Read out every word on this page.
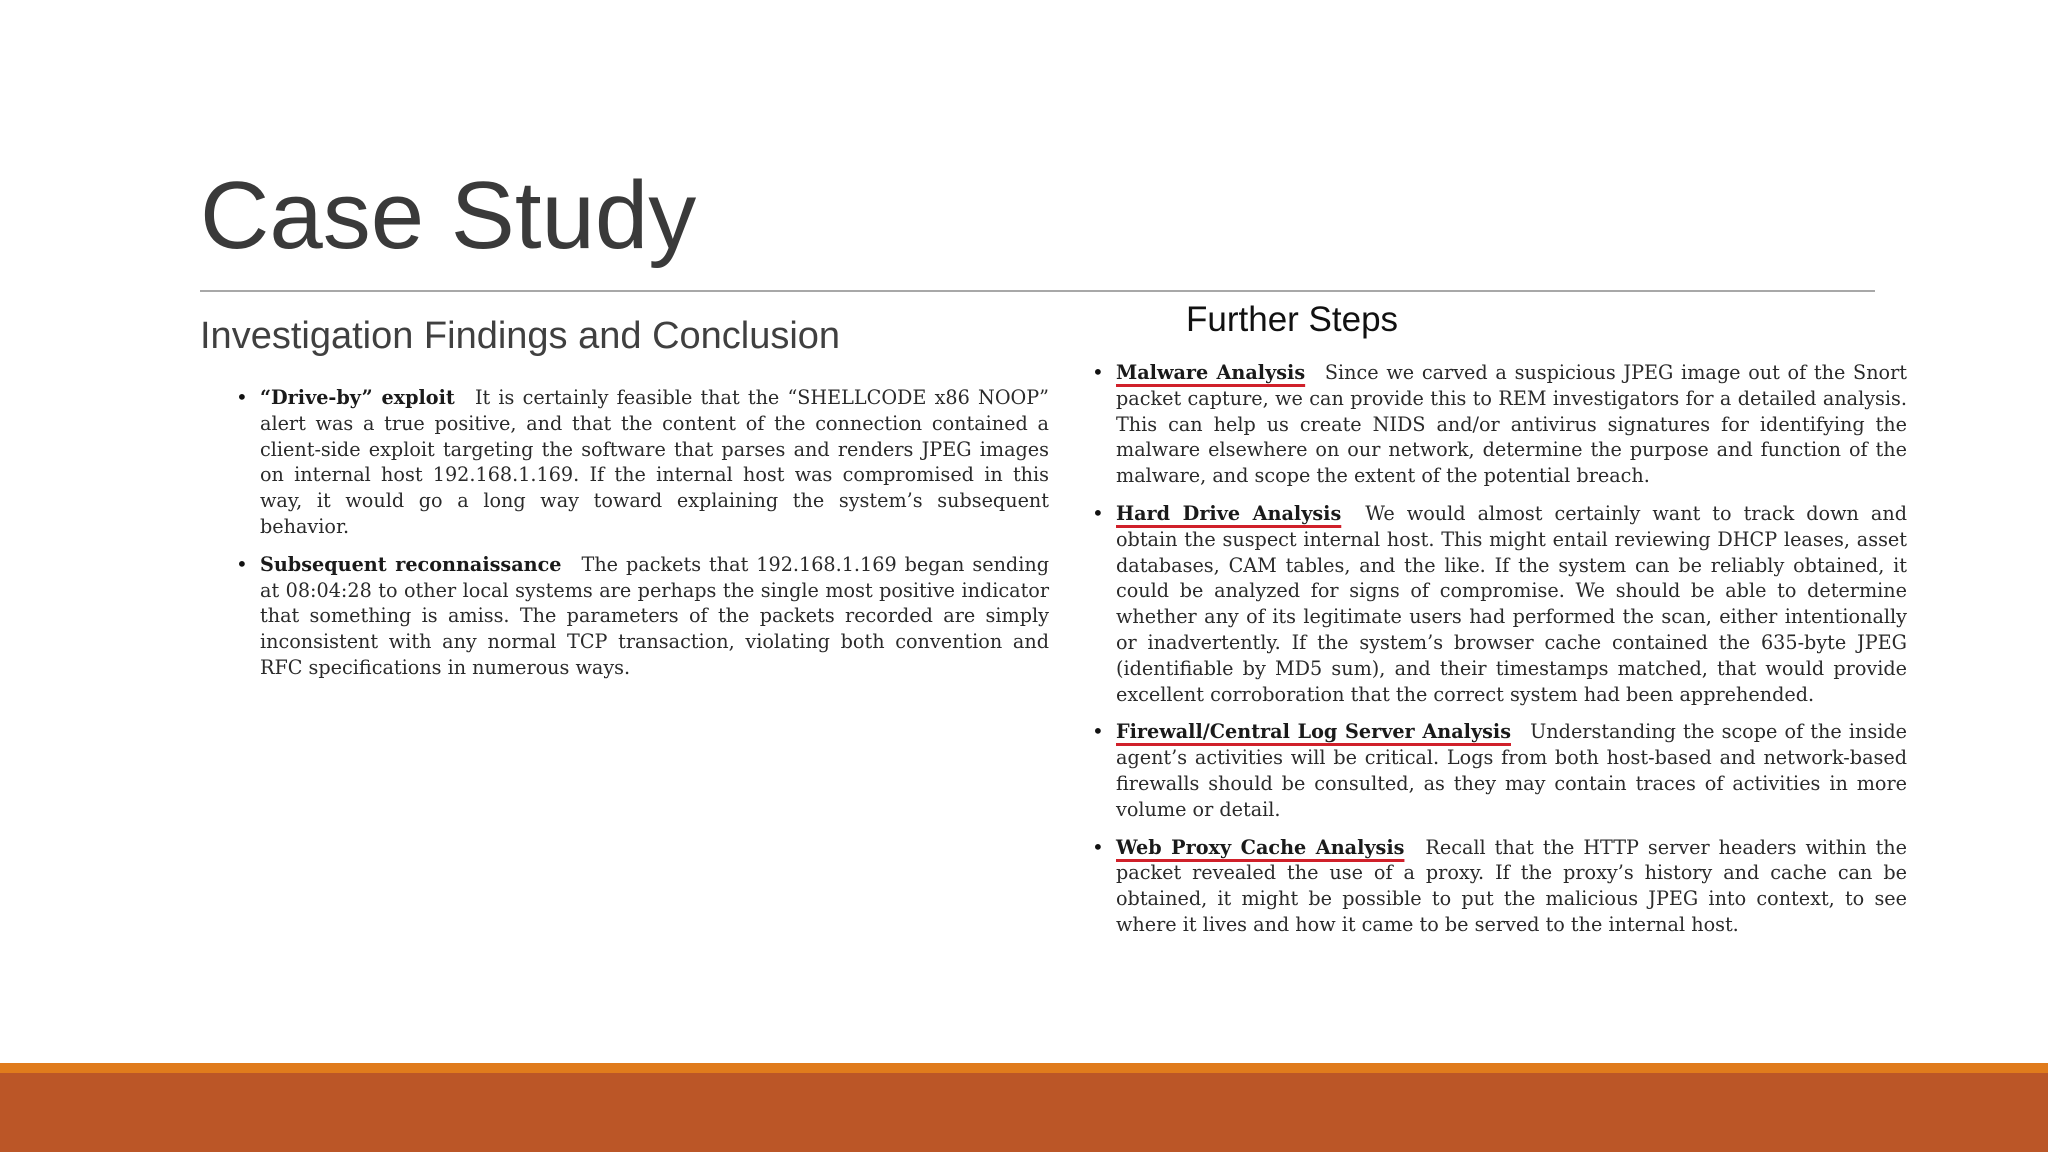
Case Study
Investigation Findings and Conclusion	Further Steps
• “Drive-by” exploit It is certainly feasible that the “SHELLCODE x86 NOOP” alert was a true positive, and that the content of the connection contained a client-side exploit targeting the software that parses and renders JPEG images on internal host 192.168.1.169. If the internal host was compromised in this way, it would go a long way toward explaining the system’s subsequent behavior.
• Subsequent reconnaissance The packets that 192.168.1.169 began sending at 08:04:28 to other local systems are perhaps the single most positive indicator that something is amiss. The parameters of the packets recorded are simply inconsistent with any normal TCP transaction, violating both convention and RFC specifications in numerous ways.
• Malware Analysis Since we carved a suspicious JPEG image out of the Snort packet capture, we can provide this to REM investigators for a detailed analysis. This can help us create NIDS and/or antivirus signatures for identifying the malware elsewhere on our network, determine the purpose and function of the malware, and scope the extent of the potential breach.
• Hard Drive Analysis We would almost certainly want to track down and obtain the suspect internal host. This might entail reviewing DHCP leases, asset databases, CAM tables, and the like. If the system can be reliably obtained, it could be analyzed for signs of compromise. We should be able to determine whether any of its legitimate users had performed the scan, either intentionally or inadvertently. If the system’s browser cache contained the 635-byte JPEG (identifiable by MD5 sum), and their timestamps matched, that would provide excellent corroboration that the correct system had been apprehended.
• Firewall/Central Log Server Analysis Understanding the scope of the inside agent’s activities will be critical. Logs from both host-based and network-based firewalls should be consulted, as they may contain traces of activities in more volume or detail.
• Web Proxy Cache Analysis Recall that the HTTP server headers within the packet revealed the use of a proxy. If the proxy’s history and cache can be obtained, it might be possible to put the malicious JPEG into context, to see where it lives and how it came to be served to the internal host.
